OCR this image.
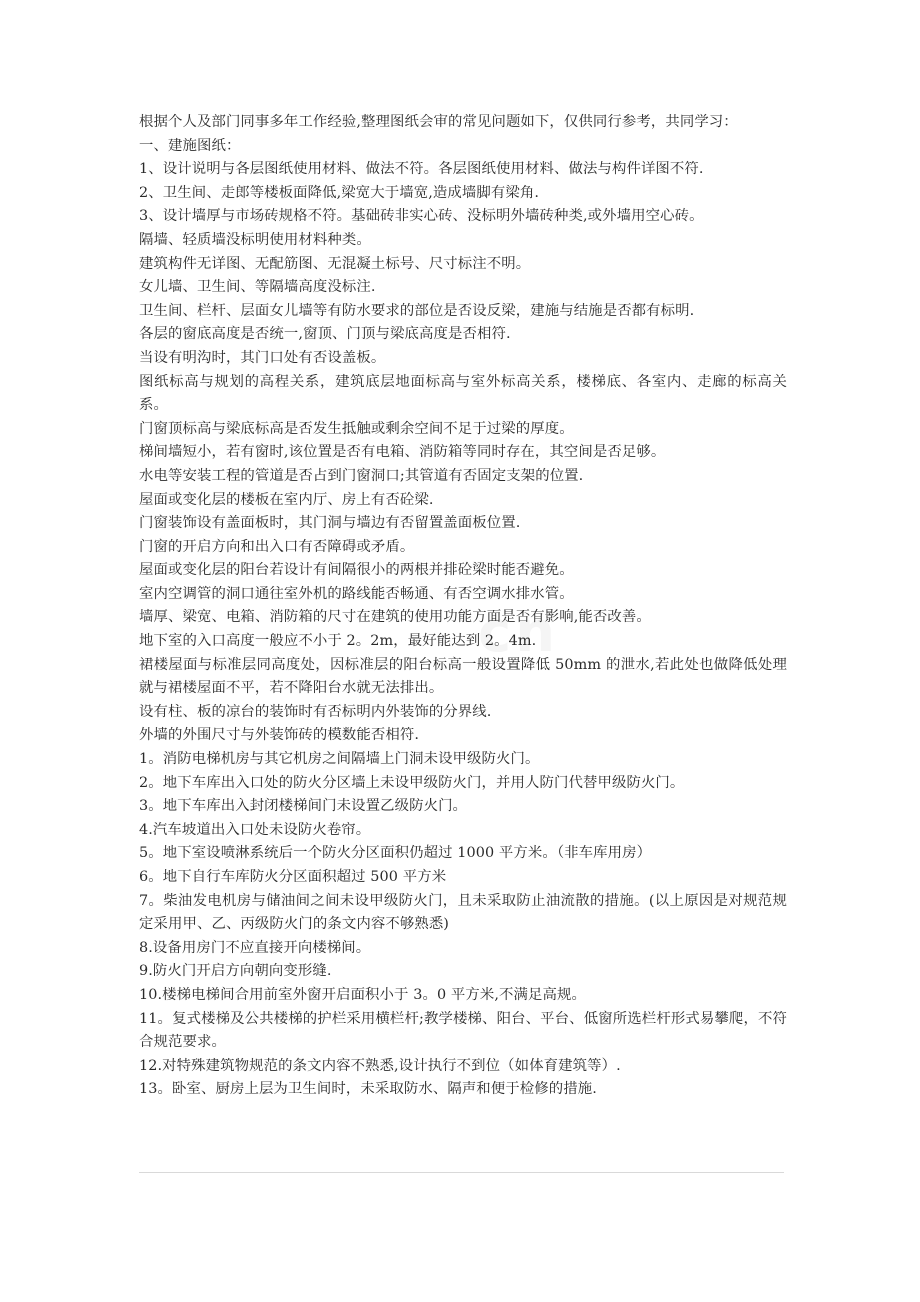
cn
根据个人及部门同事多年工作经验,整理图纸会审的常见问题如下，仅供同行参考，共同学习：
一、建施图纸：
1、设计说明与各层图纸使用材料、做法不符。各层图纸使用材料、做法与构件详图不符.
2、卫生间、走郎等楼板面降低,梁宽大于墙宽,造成墙脚有梁角.
3、设计墙厚与市场砖规格不符。基础砖非实心砖、没标明外墙砖种类,或外墙用空心砖。
隔墙、轻质墙没标明使用材料种类。
建筑构件无详图、无配筋图、无混凝土标号、尺寸标注不明。
女儿墙、卫生间、等隔墙高度没标注.
卫生间、栏杆、层面女儿墙等有防水要求的部位是否设反梁，建施与结施是否都有标明.
各层的窗底高度是否统一,窗顶、门顶与梁底高度是否相符.
当设有明沟时，其门口处有否设盖板。
图纸标高与规划的高程关系，建筑底层地面标高与室外标高关系，楼梯底、各室内、走廊的标高关系。
门窗顶标高与梁底标高是否发生抵触或剩余空间不足于过梁的厚度。
梯间墙短小，若有窗时,该位置是否有电箱、消防箱等同时存在，其空间是否足够。
水电等安装工程的管道是否占到门窗洞口;其管道有否固定支架的位置.
屋面或变化层的楼板在室内厅、房上有否砼梁.
门窗装饰设有盖面板时，其门洞与墙边有否留置盖面板位置.
门窗的开启方向和出入口有否障碍或矛盾。
屋面或变化层的阳台若设计有间隔很小的两根并排砼梁时能否避免。
室内空调管的洞口通往室外机的路线能否畅通、有否空调水排水管。
墙厚、梁宽、电箱、消防箱的尺寸在建筑的使用功能方面是否有影响,能否改善。
地下室的入口高度一般应不小于 2。2m，最好能达到 2。4m.
裙楼屋面与标准层同高度处，因标准层的阳台标高一般设置降低 50mm 的泄水,若此处也做降低处理就与裙楼屋面不平，若不降阳台水就无法排出。
设有柱、板的凉台的装饰时有否标明内外装饰的分界线.
外墙的外围尺寸与外装饰砖的模数能否相符.
1。消防电梯机房与其它机房之间隔墙上门洞未设甲级防火门。
2。地下车库出入口处的防火分区墙上未设甲级防火门，并用人防门代替甲级防火门。
3。地下车库出入封闭楼梯间门未设置乙级防火门。
4.汽车坡道出入口处未设防火卷帘。
5。地下室设喷淋系统后一个防火分区面积仍超过 1000 平方米。（非车库用房）
6。地下自行车库防火分区面积超过 500 平方米
7。柴油发电机房与储油间之间未设甲级防火门，且未采取防止油流散的措施。(以上原因是对规范规定采用甲、乙、丙级防火门的条文内容不够熟悉)
8.设备用房门不应直接开向楼梯间。
9.防火门开启方向朝向变形缝.
10.楼梯电梯间合用前室外窗开启面积小于 3。0 平方米,不满足高规。
11。复式楼梯及公共楼梯的护栏采用横栏杆;教学楼梯、阳台、平台、低窗所选栏杆形式易攀爬，不符合规范要求。
12.对特殊建筑物规范的条文内容不熟悉,设计执行不到位（如体育建筑等）.
13。卧室、厨房上层为卫生间时，未采取防水、隔声和便于检修的措施.
